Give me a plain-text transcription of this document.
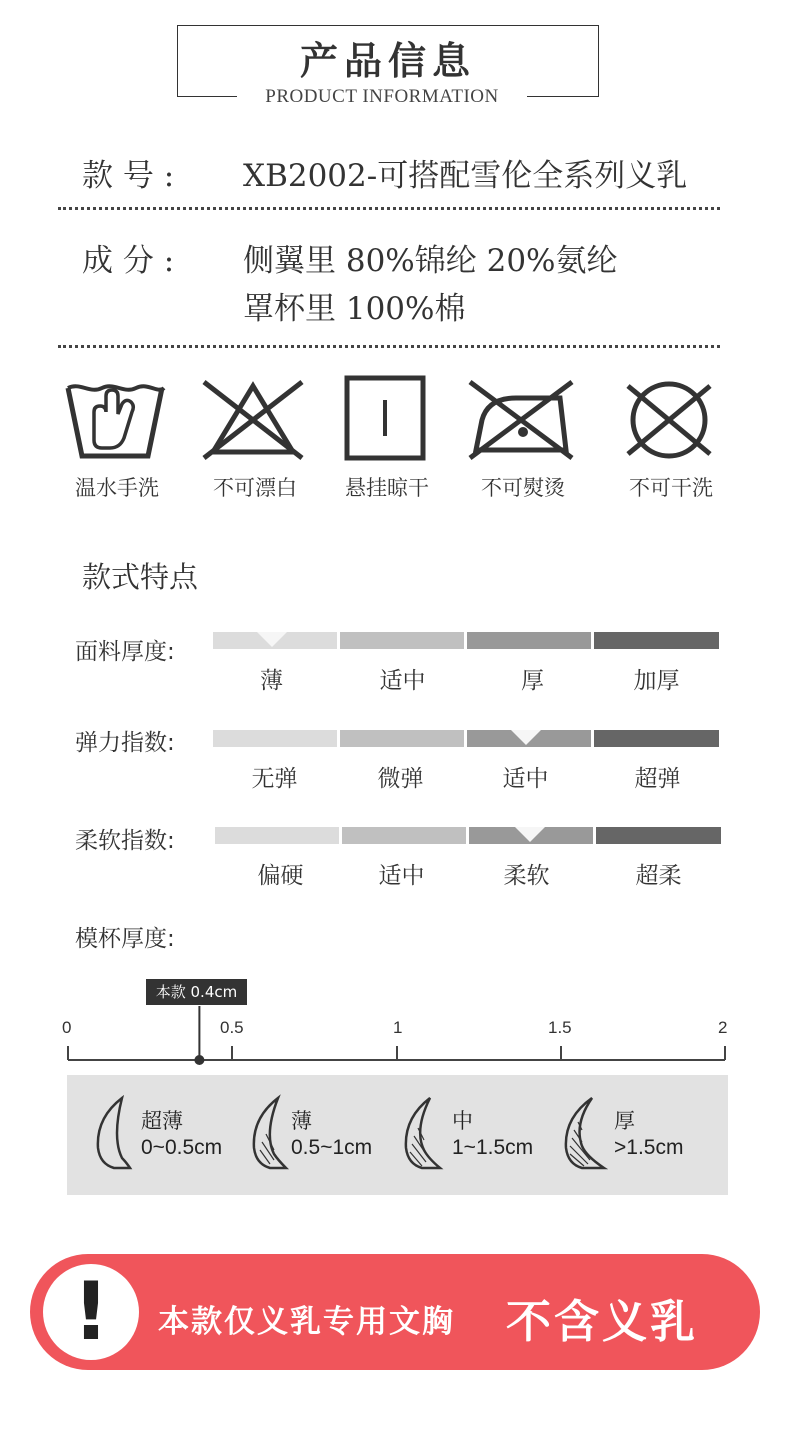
产品信息
PRODUCT INFORMATION
款 号 : XB2002-可搭配雪伦全系列义乳
成 分 : 侧翼里 80%锦纶 20%氨纶
罩杯里 100%棉
温水手洗	不可漂白	悬挂晾干	不可熨烫	不可干洗
款式特点
面料厚度:
薄	适中	厚	加厚
弹力指数:
无弹	微弹	适中	超弹
柔软指数:
偏硬	适中	柔软	超柔
模杯厚度:
0	0.5	1	1.5	2
本款 0.4cm
超薄
0~0.5cm
薄
0.5~1cm
中
1~1.5cm
厚
>1.5cm
!	本款仅义乳专用文胸 不含义乳
